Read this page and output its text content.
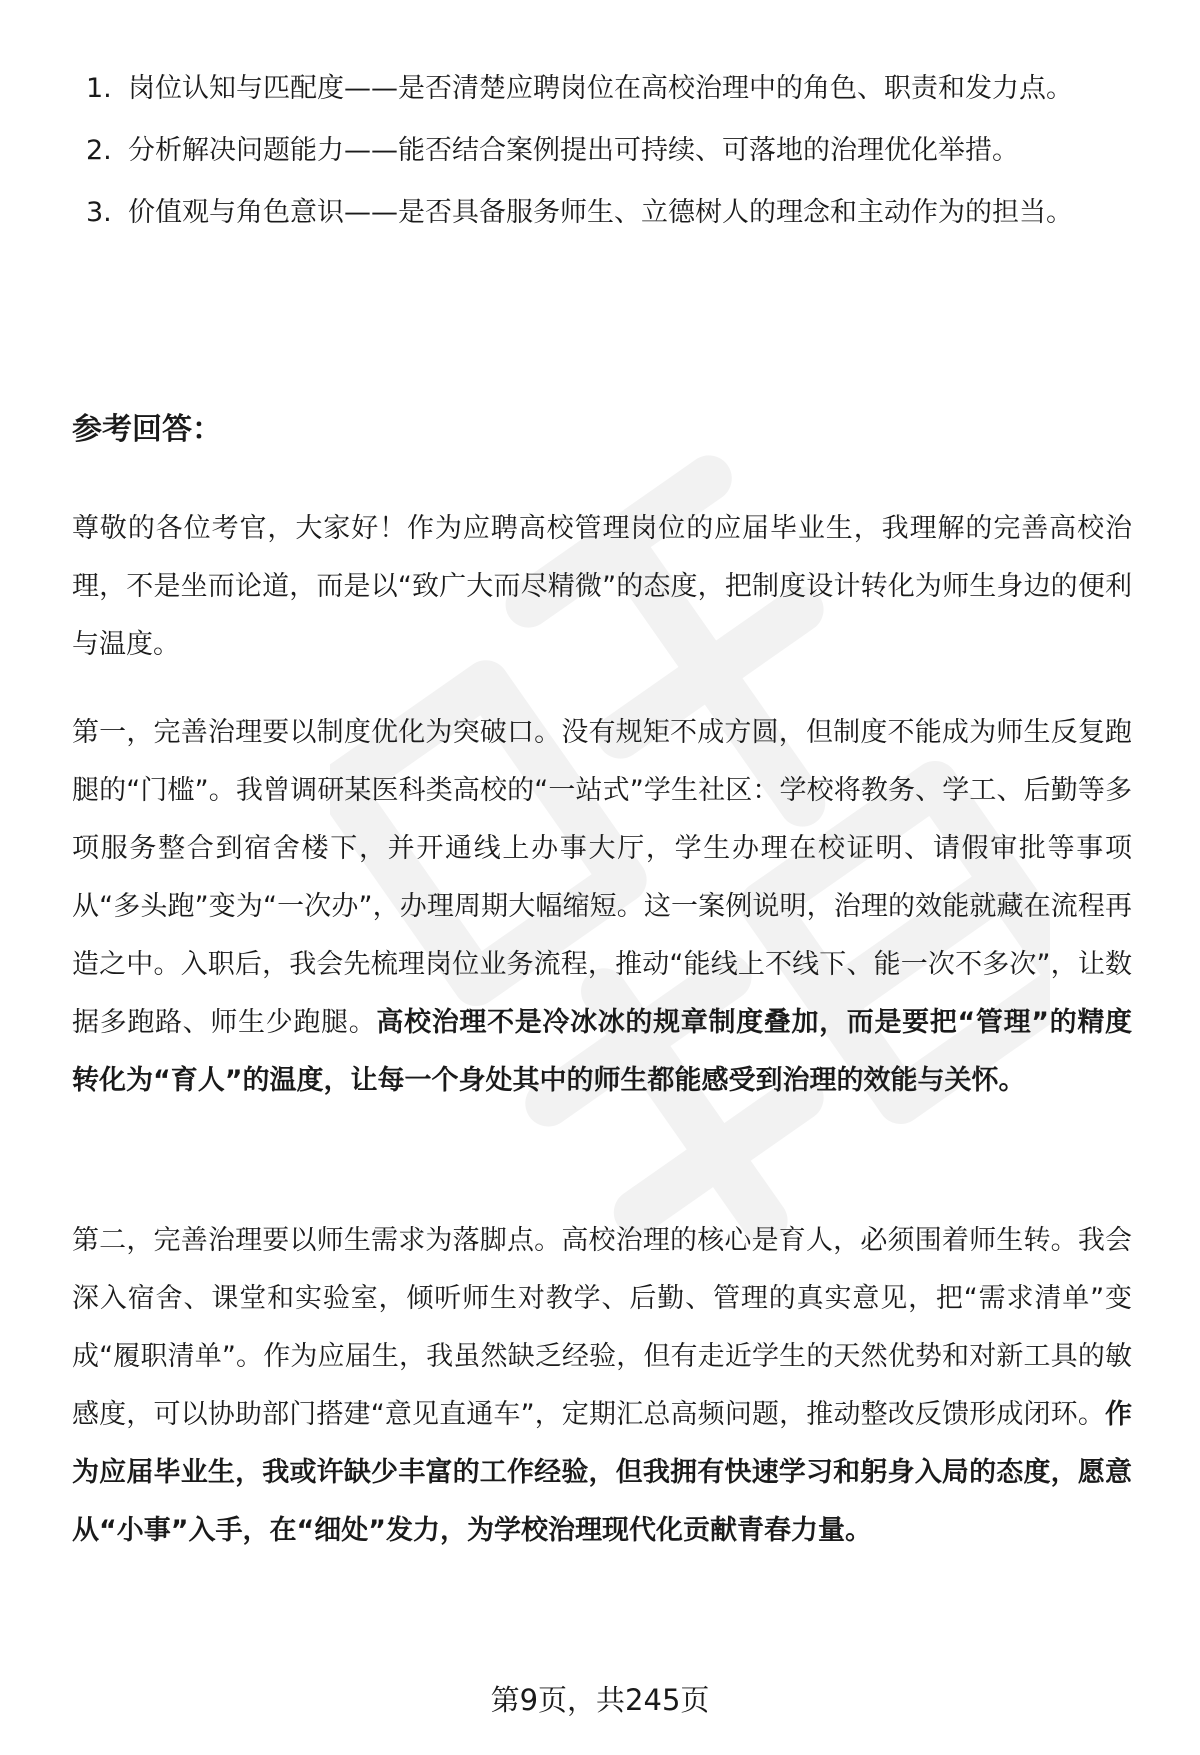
1. 岗位认知与匹配度——是否清楚应聘岗位在高校治理中的角色、职责和发力点。
2. 分析解决问题能力——能否结合案例提出可持续、可落地的治理优化举措。
3. 价值观与角色意识——是否具备服务师生、立德树人的理念和主动作为的担当。
参考回答：

尊敬的各位考官，大家好！作为应聘高校管理岗位的应届毕业生，我理解的完善高校治理，不是坐而论道，而是以“致广大而尽精微”的态度，把制度设计转化为师生身边的便利与温度。

第一，完善治理要以制度优化为突破口。没有规矩不成方圆，但制度不能成为师生反复跑腿的“门槛”。我曾调研某医科类高校的“一站式”学生社区：学校将教务、学工、后勤等多项服务整合到宿舍楼下，并开通线上办事大厅，学生办理在校证明、请假审批等事项从“多头跑”变为“一次办”，办理周期大幅缩短。这一案例说明，治理的效能就藏在流程再造之中。入职后，我会先梳理岗位业务流程，推动“能线上不线下、能一次不多次”，让数据多跑路、师生少跑腿。高校治理不是冷冰冰的规章制度叠加，而是要把“管理”的精度转化为“育人”的温度，让每一个身处其中的师生都能感受到治理的效能与关怀。

第二，完善治理要以师生需求为落脚点。高校治理的核心是育人，必须围着师生转。我会深入宿舍、课堂和实验室，倾听师生对教学、后勤、管理的真实意见，把“需求清单”变成“履职清单”。作为应届生，我虽然缺乏经验，但有走近学生的天然优势和对新工具的敏感度，可以协助部门搭建“意见直通车”，定期汇总高频问题，推动整改反馈形成闭环。作为应届毕业生，我或许缺少丰富的工作经验，但我拥有快速学习和躬身入局的态度，愿意从“小事”入手，在“细处”发力，为学校治理现代化贡献青春力量。

第9页，共245页
